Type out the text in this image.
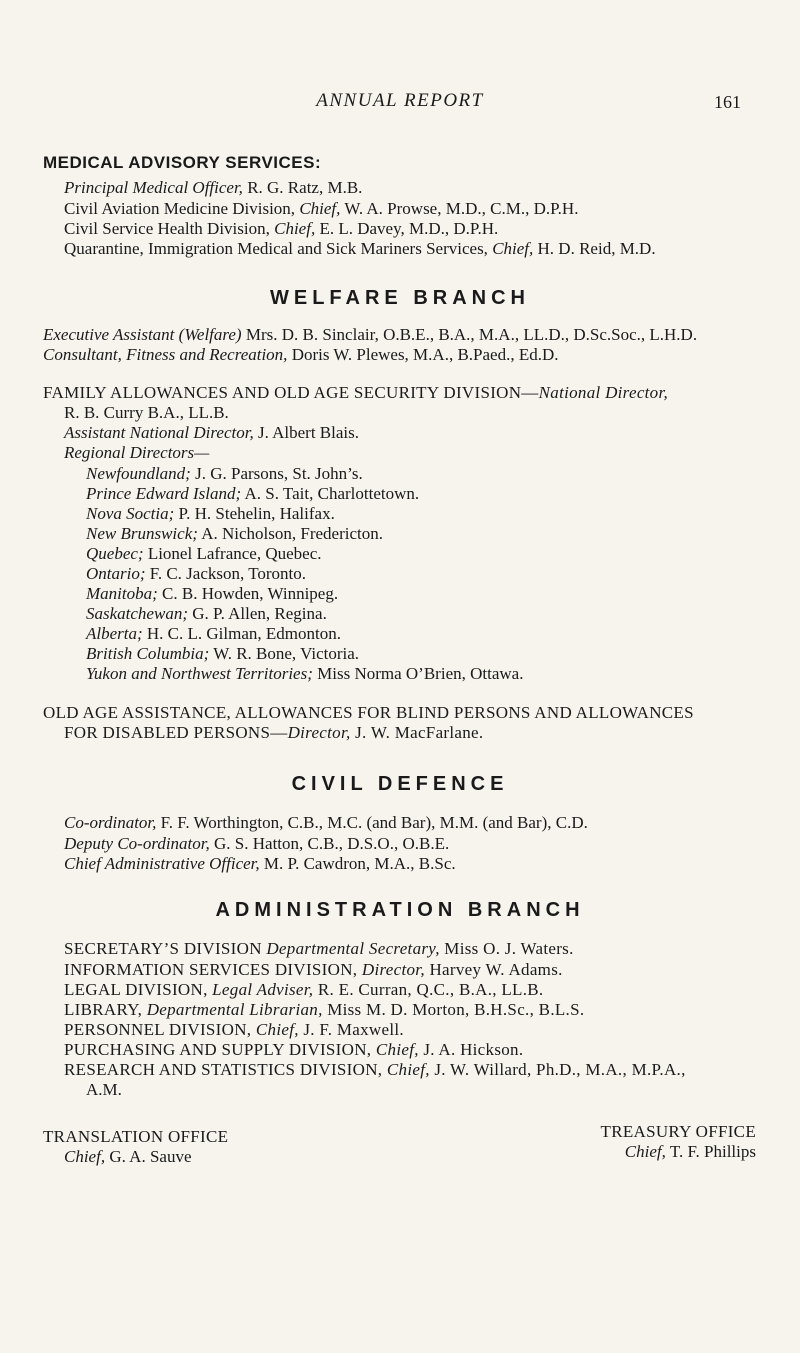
ANNUAL REPORT	161
MEDICAL ADVISORY SERVICES:
Principal Medical Officer, R. G. Ratz, M.B.
Civil Aviation Medicine Division, Chief, W. A. Prowse, M.D., C.M., D.P.H.
Civil Service Health Division, Chief, E. L. Davey, M.D., D.P.H.
Quarantine, Immigration Medical and Sick Mariners Services, Chief, H. D. Reid, M.D.
WELFARE BRANCH
Executive Assistant (Welfare) Mrs. D. B. Sinclair, O.B.E., B.A., M.A., LL.D., D.Sc.Soc., L.H.D.
Consultant, Fitness and Recreation, Doris W. Plewes, M.A., B.Paed., Ed.D.
FAMILY ALLOWANCES AND OLD AGE SECURITY DIVISION—National Director,
R. B. Curry B.A., LL.B.
Assistant National Director, J. Albert Blais.
Regional Directors—
Newfoundland; J. G. Parsons, St. John’s.
Prince Edward Island; A. S. Tait, Charlottetown.
Nova Soctia; P. H. Stehelin, Halifax.
New Brunswick; A. Nicholson, Fredericton.
Quebec; Lionel Lafrance, Quebec.
Ontario; F. C. Jackson, Toronto.
Manitoba; C. B. Howden, Winnipeg.
Saskatchewan; G. P. Allen, Regina.
Alberta; H. C. L. Gilman, Edmonton.
British Columbia; W. R. Bone, Victoria.
Yukon and Northwest Territories; Miss Norma O’Brien, Ottawa.
OLD AGE ASSISTANCE, ALLOWANCES FOR BLIND PERSONS AND ALLOWANCES
FOR DISABLED PERSONS—Director, J. W. MacFarlane.
CIVIL DEFENCE
Co-ordinator, F. F. Worthington, C.B., M.C. (and Bar), M.M. (and Bar), C.D.
Deputy Co-ordinator, G. S. Hatton, C.B., D.S.O., O.B.E.
Chief Administrative Officer, M. P. Cawdron, M.A., B.Sc.
ADMINISTRATION BRANCH
SECRETARY’S DIVISION Departmental Secretary, Miss O. J. Waters.
INFORMATION SERVICES DIVISION, Director, Harvey W. Adams.
LEGAL DIVISION, Legal Adviser, R. E. Curran, Q.C., B.A., LL.B.
LIBRARY, Departmental Librarian, Miss M. D. Morton, B.H.Sc., B.L.S.
PERSONNEL DIVISION, Chief, J. F. Maxwell.
PURCHASING AND SUPPLY DIVISION, Chief, J. A. Hickson.
RESEARCH AND STATISTICS DIVISION, Chief, J. W. Willard, Ph.D., M.A., M.P.A.,
A.M.
TRANSLATION OFFICE
Chief, G. A. Sauve
TREASURY OFFICE
Chief, T. F. Phillips
